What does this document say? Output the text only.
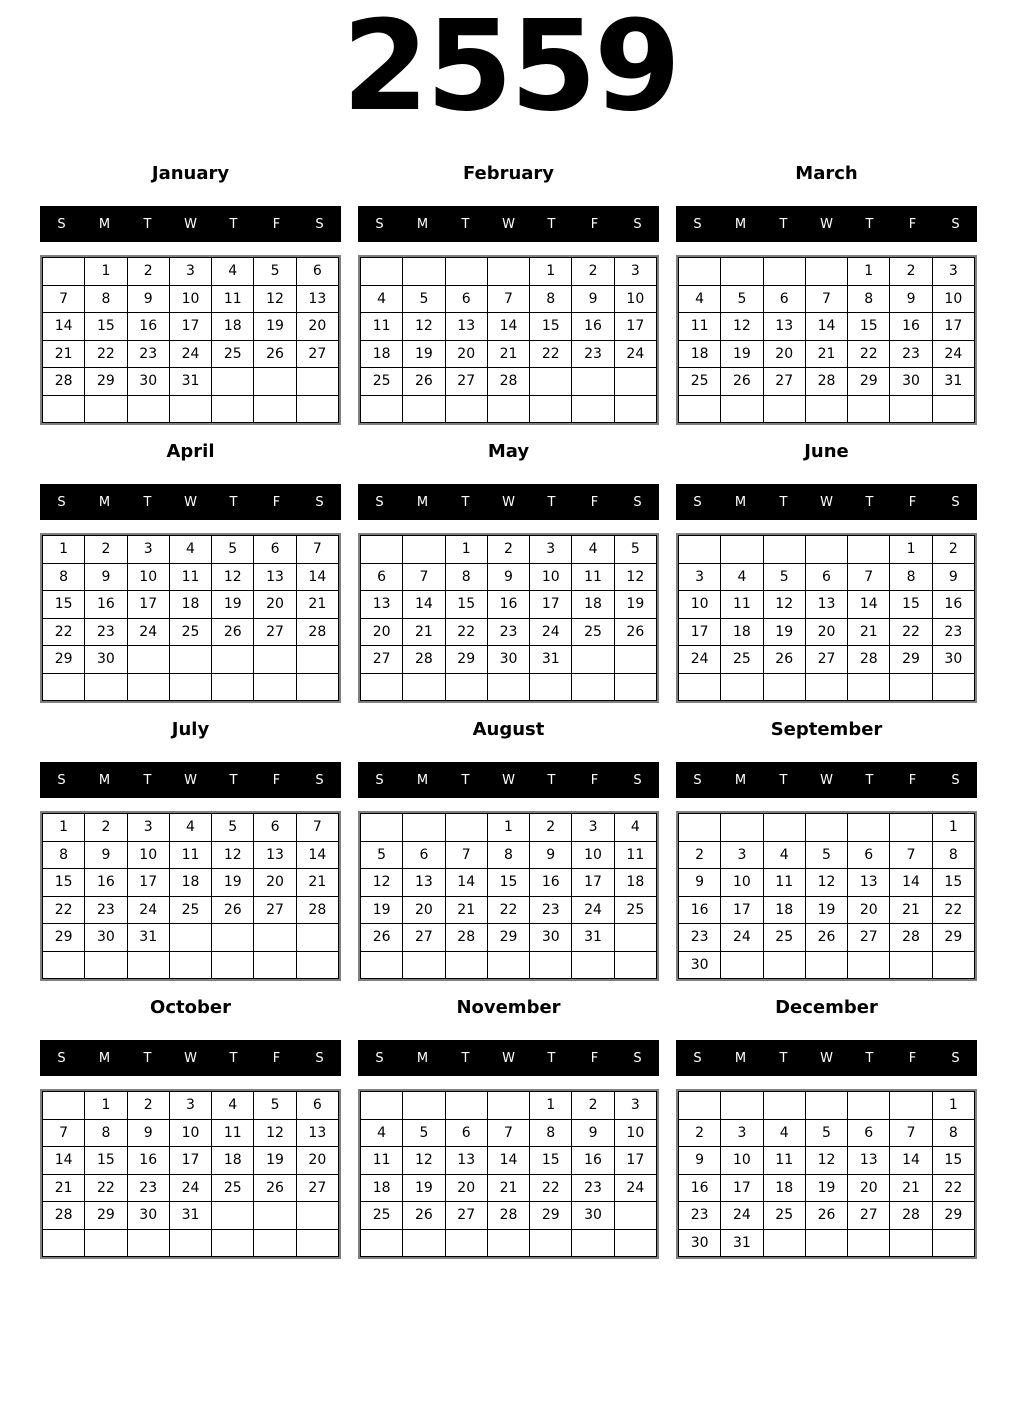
2559
January
S	M	T	W	T	F	S
	1	2	3	4	5	6
7	8	9	10	11	12	13
14	15	16	17	18	19	20
21	22	23	24	25	26	27
28	29	30	31			

February
S	M	T	W	T	F	S
				1	2	3
4	5	6	7	8	9	10
11	12	13	14	15	16	17
18	19	20	21	22	23	24
25	26	27	28			

March
S	M	T	W	T	F	S
				1	2	3
4	5	6	7	8	9	10
11	12	13	14	15	16	17
18	19	20	21	22	23	24
25	26	27	28	29	30	31

April
S	M	T	W	T	F	S
1	2	3	4	5	6	7
8	9	10	11	12	13	14
15	16	17	18	19	20	21
22	23	24	25	26	27	28
29	30					

May
S	M	T	W	T	F	S
		1	2	3	4	5
6	7	8	9	10	11	12
13	14	15	16	17	18	19
20	21	22	23	24	25	26
27	28	29	30	31		

June
S	M	T	W	T	F	S
					1	2
3	4	5	6	7	8	9
10	11	12	13	14	15	16
17	18	19	20	21	22	23
24	25	26	27	28	29	30

July
S	M	T	W	T	F	S
1	2	3	4	5	6	7
8	9	10	11	12	13	14
15	16	17	18	19	20	21
22	23	24	25	26	27	28
29	30	31				

August
S	M	T	W	T	F	S
			1	2	3	4
5	6	7	8	9	10	11
12	13	14	15	16	17	18
19	20	21	22	23	24	25
26	27	28	29	30	31	

September
S	M	T	W	T	F	S
						1
2	3	4	5	6	7	8
9	10	11	12	13	14	15
16	17	18	19	20	21	22
23	24	25	26	27	28	29
30						
October
S	M	T	W	T	F	S
	1	2	3	4	5	6
7	8	9	10	11	12	13
14	15	16	17	18	19	20
21	22	23	24	25	26	27
28	29	30	31			

November
S	M	T	W	T	F	S
				1	2	3
4	5	6	7	8	9	10
11	12	13	14	15	16	17
18	19	20	21	22	23	24
25	26	27	28	29	30	

December
S	M	T	W	T	F	S
						1
2	3	4	5	6	7	8
9	10	11	12	13	14	15
16	17	18	19	20	21	22
23	24	25	26	27	28	29
30	31					
